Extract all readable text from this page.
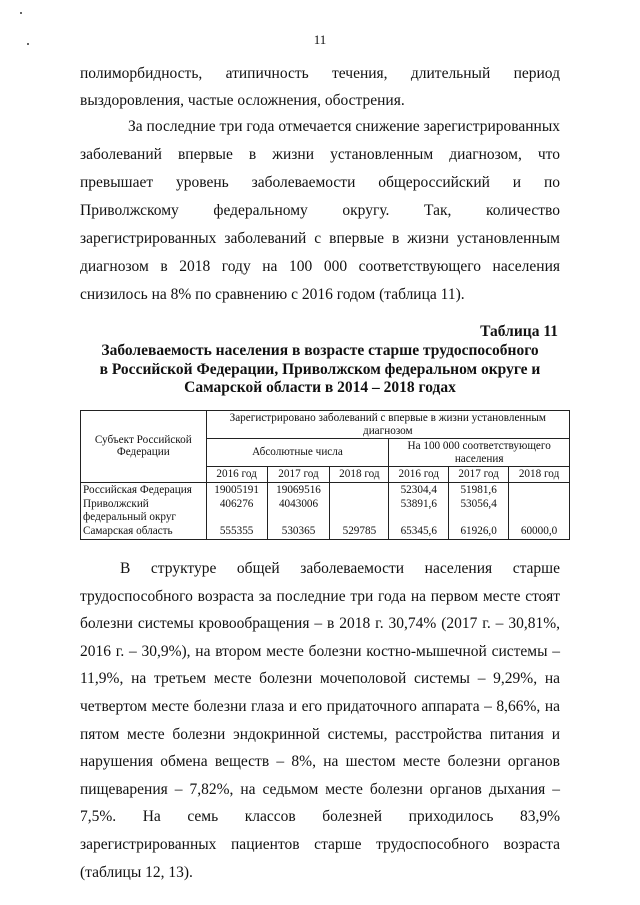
11

полиморбидность, атипичность течения, длительный период выздоровления, частые осложнения, обострения.

За последние три года отмечается снижение зарегистрированных заболеваний впервые в жизни установленным диагнозом, что превышает уровень заболеваемости общероссийский и по Приволжскому федеральному округу. Так, количество зарегистрированных заболеваний с впервые в жизни установленным диагнозом в 2018 году на 100 000 соответствующего населения снизилось на 8% по сравнению с 2016 годом (таблица 11).

Таблица 11
Заболеваемость населения в возрасте старше трудоспособного
в Российской Федерации, Приволжском федеральном округе и
Самарской области в 2014 – 2018 годах
Субъект Российской Федерации	Зарегистрировано заболеваний с впервые в жизни установленным диагнозом					
	Абсолютные числа			На 100 000 соответствующего населения		
	2016 год	2017 год	2018 год	2016 год	2017 год	2018 год
Российская Федерация	19005191	19069516		52304,4	51981,6	
Приволжский федеральный округ	406276	4043006		53891,6	53056,4	
Самарская область	555355	530365	529785	65345,6	61926,0	60000,0

В структуре общей заболеваемости населения старше трудоспособного возраста за последние три года на первом месте стоят болезни системы кровообращения – в 2018 г. 30,74% (2017 г. – 30,81%, 2016 г. – 30,9%), на втором месте болезни костно-мышечной системы – 11,9%, на третьем месте болезни мочеполовой системы – 9,29%, на четвертом месте болезни глаза и его придаточного аппарата – 8,66%, на пятом месте болезни эндокринной системы, расстройства питания и нарушения обмена веществ – 8%, на шестом месте болезни органов пищеварения – 7,82%, на седьмом месте болезни органов дыхания – 7,5%. На семь классов болезней приходилось 83,9% зарегистрированных пациентов старше трудоспособного возраста (таблицы 12, 13).
